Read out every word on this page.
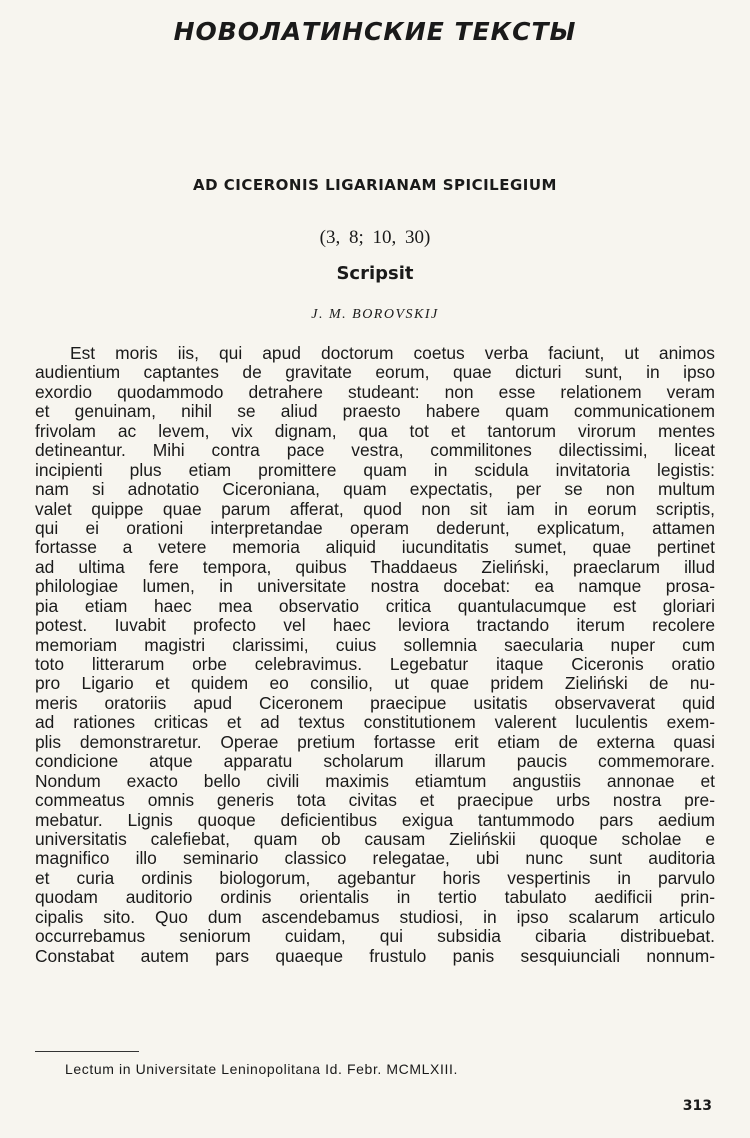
НОВОЛАТИНСКИЕ ТЕКСТЫ
AD CICERONIS LIGARIANAM SPICILEGIUM
(3, 8; 10, 30)
Scripsit
J. M. BOROVSKIJ
Est moris iis, qui apud doctorum coetus verba faciunt, ut animos
audientium captantes de gravitate eorum, quae dicturi sunt, in ipso
exordio quodammodo detrahere studeant: non esse relationem veram
et genuinam, nihil se aliud praesto habere quam communicationem
frivolam ac levem, vix dignam, qua tot et tantorum virorum mentes
detineantur. Mihi contra pace vestra, commilitones dilectissimi, liceat
incipienti plus etiam promittere quam in scidula invitatoria legistis:
nam si adnotatio Ciceroniana, quam expectatis, per se non multum
valet quippe quae parum afferat, quod non sit iam in eorum scriptis,
qui ei orationi interpretandae operam dederunt, explicatum, attamen
fortasse a vetere memoria aliquid iucunditatis sumet, quae pertinet
ad ultima fere tempora, quibus Thaddaeus Zieliński, praeclarum illud
philologiae lumen, in universitate nostra docebat: ea namque prosa-
pia etiam haec mea observatio critica quantulacumque est gloriari
potest. Iuvabit profecto vel haec leviora tractando iterum recolere
memoriam magistri clarissimi, cuius sollemnia saecularia nuper cum
toto litterarum orbe celebravimus. Legebatur itaque Ciceronis oratio
pro Ligario et quidem eo consilio, ut quae pridem Zieliński de nu-
meris oratoriis apud Ciceronem praecipue usitatis observaverat quid
ad rationes criticas et ad textus constitutionem valerent luculentis exem-
plis demonstraretur. Operae pretium fortasse erit etiam de externa quasi
condicione atque apparatu scholarum illarum paucis commemorare.
Nondum exacto bello civili maximis etiamtum angustiis annonae et
commeatus omnis generis tota civitas et praecipue urbs nostra pre-
mebatur. Lignis quoque deficientibus exigua tantummodo pars aedium
universitatis calefiebat, quam ob causam Zielińskii quoque scholae e
magnifico illo seminario classico relegatae, ubi nunc sunt auditoria
et curia ordinis biologorum, agebantur horis vespertinis in parvulo
quodam auditorio ordinis orientalis in tertio tabulato aedificii prin-
cipalis sito. Quo dum ascendebamus studiosi, in ipso scalarum articulo
occurrebamus seniorum cuidam, qui subsidia cibaria distribuebat.
Constabat autem pars quaeque frustulo panis sesquiunciali nonnum-
Lectum in Universitate Leninopolitana Id. Febr. MCMLXIII.
313
